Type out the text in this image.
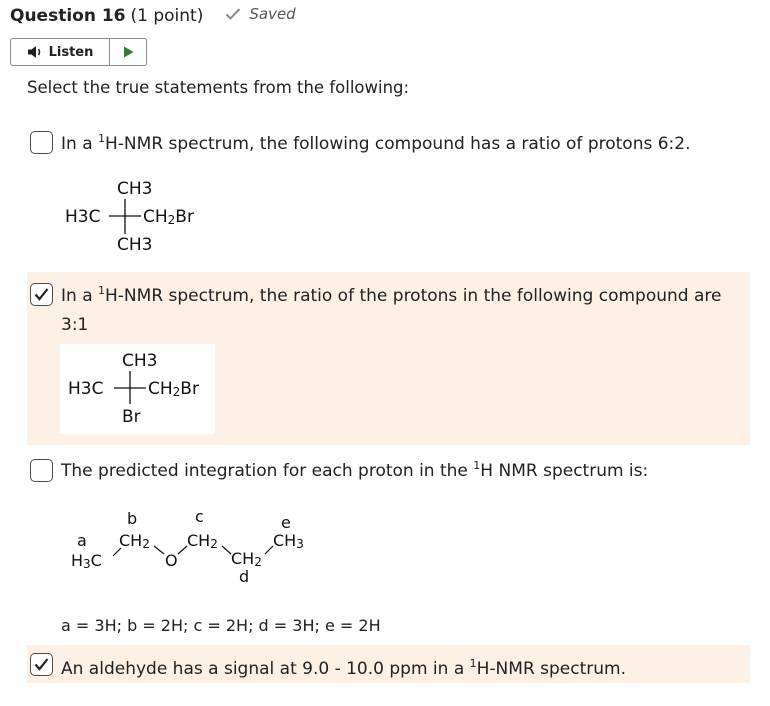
Question 16 (1 point)	Saved
Listen
Select the true statements from the following:
In a $^1$H-NMR spectrum, the following compound has a ratio of protons 6:2.
CH3
H3C	CH2Br
CH3
In a $^1$H-NMR spectrum, the ratio of the protons in the following compound are
3:1
CH3
H3C	CH2Br
Br
The predicted integration for each proton in the $^1$H NMR spectrum is:
a
b	c
d
e
H3C
CH2
O
CH2
CH2
CH3
a = 3H; b = 2H; c = 2H; d = 3H; e = 2H
An aldehyde has a signal at 9.0 - 10.0 ppm in a $^1$H-NMR spectrum.
